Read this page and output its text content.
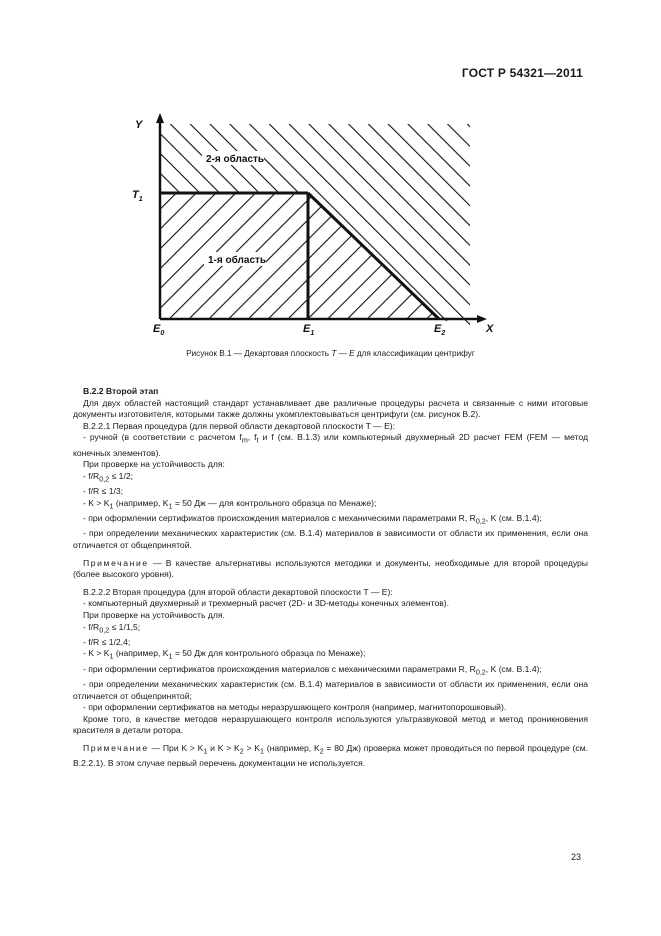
ГОСТ Р 54321—2011
2-я область
1-я область
Y
X
$T_1$
$E_0$	$E_1$	$E_2$
Рисунок В.1 — Декартовая плоскость T — E для классификации центрифуг

В.2.2 Второй этап

Для двух областей настоящий стандарт устанавливает две различные процедуры расчета и связанные с ними итоговые документы изготовителя, которыми также должны укомплектовываться центрифуги (см. рисунок В.2).

В.2.2.1 Первая процедура (для первой области декартовой плоскости T — E):

- ручной (в соответствии с расчетом $f_m$, $f_t$ и f (см. В.1.3) или компьютерный двухмерный 2D расчет FEM (FEM — метод конечных элементов).

При проверке на устойчивость для:

- $f/R_{0,2} \le 1/2$;

- f/R ≤ 1/3;

- $K > K_1$ (например, $K_1 = 50$ Дж — для контрольного образца по Менаже);

- при оформлении сертификатов происхождения материалов с механическими параметрами R, $R_{0,2}$, K (см. В.1.4);

- при определении механических характеристик (см. В.1.4) материалов в зависимости от области их применения, если она отличается от общепринятой.

Примечание — В качестве альтернативы используются методики и документы, необходимые для второй процедуры (более высокого уровня).

В.2.2.2 Вторая процедура (для второй области декартовой плоскости T — E):

- компьютерный двухмерный и трехмерный расчет (2D- и 3D-методы конечных элементов).

При проверке на устойчивость для.

- $f/R_{0,2} \le 1/1,5$;

- f/R ≤ 1/2,4;

- $K > K_1$ (например, $K_1 = 50$ Дж для контрольного образца по Менаже);

- при оформлении сертификатов происхождения материалов с механическими параметрами R, $R_{0,2}$, K (см. В.1.4);

- при определении механических характеристик (см. В.1.4) материалов в зависимости от области их применения, если она отличается от общепринятой;

- при оформлении сертификатов на методы неразрушающего контроля (например, магнитопорошковый).

Кроме того, в качестве методов неразрушающего контроля используются ультразвуковой метод и метод проникновения красителя в детали ротора.

Примечание — При $K > K_1$ и $K > K_2 > K_1$ (например, $K_2 = 80$ Дж) проверка может проводиться по первой процедуре (см. В.2.2.1). В этом случае первый перечень документации не используется.

23
